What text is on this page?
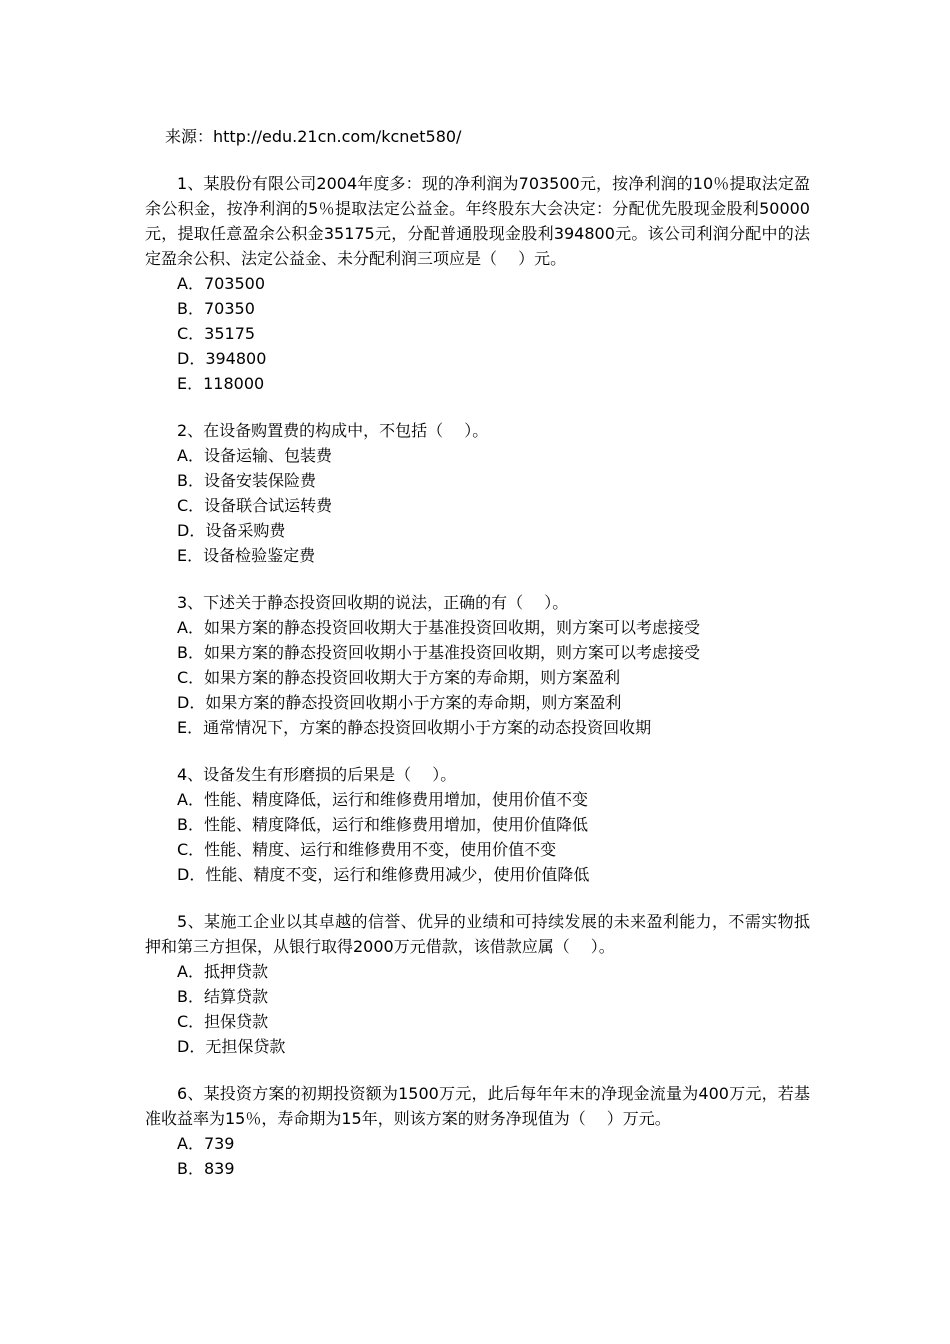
来源：http://edu.21cn.com/kcnet580/
1、某股份有限公司2004年度多：现的净利润为703500元，按净利润的10％提取法定盈余公积金，按净利润的5％提取法定公益金。年终股东大会决定：分配优先股现金股利50000元，提取任意盈余公积金35175元，分配普通股现金股利394800元。该公司利润分配中的法定盈余公积、法定公益金、未分配利润三项应是（　 ）元。
A．703500
B．70350
C．35175
D．394800
E．118000
2、在设备购置费的构成中，不包括（　 ）。
A．设备运输、包装费
B．设备安装保险费
C．设备联合试运转费
D．设备采购费
E．设备检验鉴定费
3、下述关于静态投资回收期的说法，正确的有（　 ）。
A．如果方案的静态投资回收期大于基准投资回收期，则方案可以考虑接受
B．如果方案的静态投资回收期小于基准投资回收期，则方案可以考虑接受
C．如果方案的静态投资回收期大于方案的寿命期，则方案盈利
D．如果方案的静态投资回收期小于方案的寿命期，则方案盈利
E．通常情况下，方案的静态投资回收期小于方案的动态投资回收期
4、设备发生有形磨损的后果是（　 ）。
A．性能、精度降低，运行和维修费用增加，使用价值不变
B．性能、精度降低，运行和维修费用增加，使用价值降低
C．性能、精度、运行和维修费用不变，使用价值不变
D．性能、精度不变，运行和维修费用减少，使用价值降低
5、某施工企业以其卓越的信誉、优异的业绩和可持续发展的未来盈利能力，不需实物抵押和第三方担保，从银行取得2000万元借款，该借款应属（　 ）。
A．抵押贷款
B．结算贷款
C．担保贷款
D．无担保贷款
6、某投资方案的初期投资额为1500万元，此后每年年末的净现金流量为400万元，若基准收益率为15％，寿命期为15年，则该方案的财务净现值为（　 ）万元。
A．739
B．839
